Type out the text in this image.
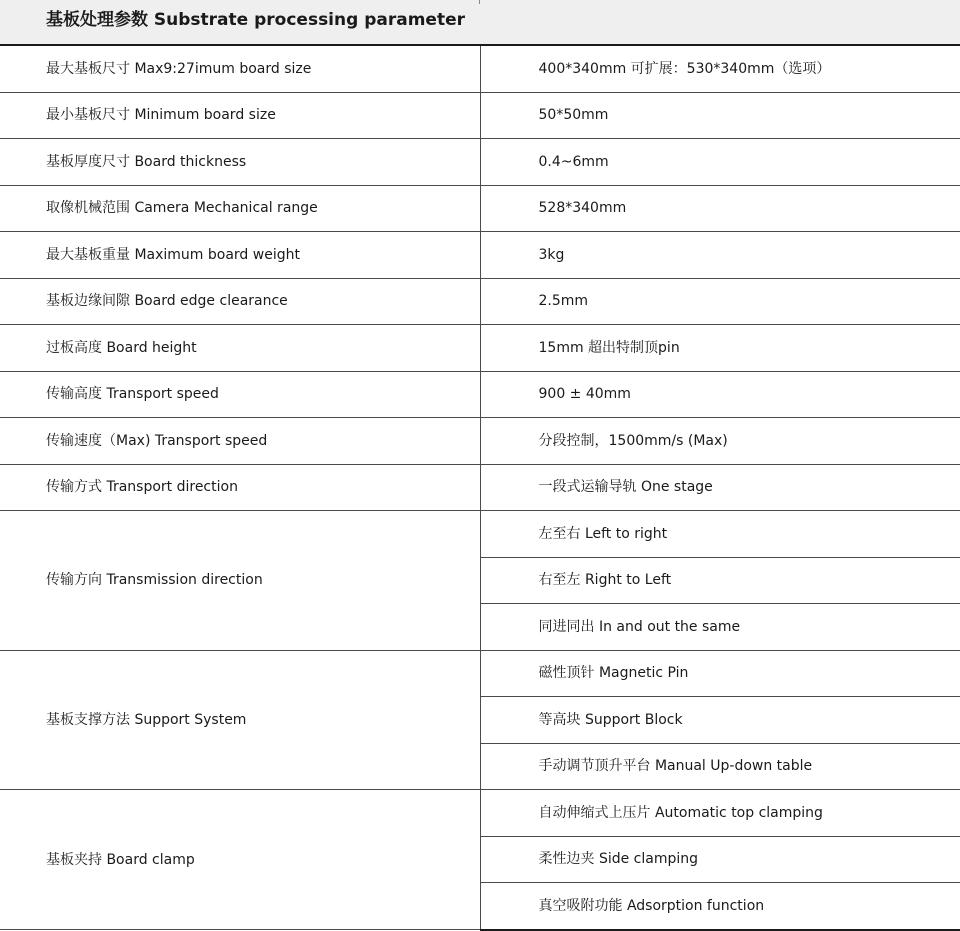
基板处理参数 Substrate processing parameter
最大基板尺寸 Max9:27imum board size	400*340mm 可扩展：530*340mm（选项）
最小基板尺寸 Minimum board size	50*50mm
基板厚度尺寸 Board thickness	0.4~6mm
取像机械范围 Camera Mechanical range	528*340mm
最大基板重量 Maximum board weight	3kg
基板边缘间隙 Board edge clearance	2.5mm
过板高度 Board height	15mm 超出特制顶pin
传输高度 Transport speed	900 ± 40mm
传输速度（Max) Transport speed	分段控制，1500mm/s (Max)
传输方式 Transport direction	一段式运输导轨 One stage
传输方向 Transmission direction	左至右 Left to right
	右至左 Right to Left
	同进同出 In and out the same
基板支撑方法 Support System	磁性顶针 Magnetic Pin
	等高块 Support Block
	手动调节顶升平台 Manual Up-down table
基板夹持 Board clamp	自动伸缩式上压片 Automatic top clamping
	柔性边夹 Side clamping
	真空吸附功能 Adsorption function
